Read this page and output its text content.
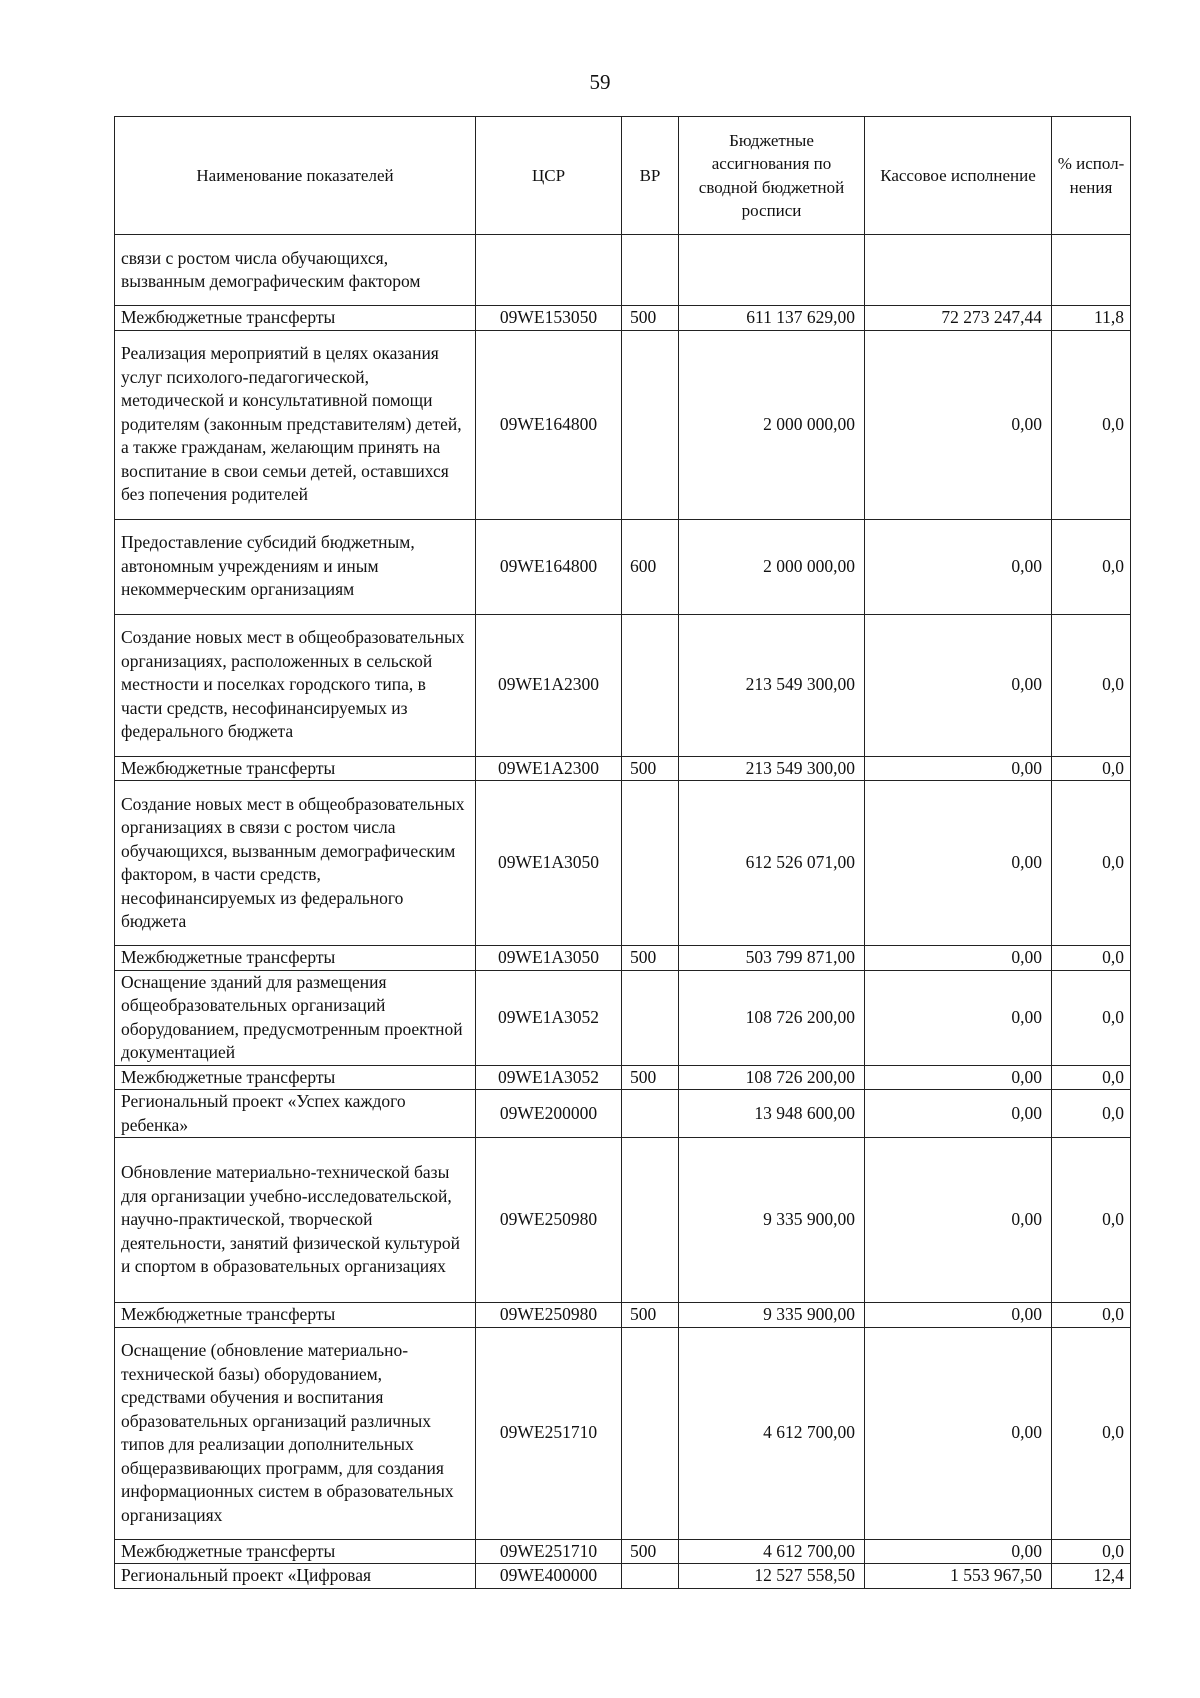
59
Наименование показателей	ЦСР	ВР	Бюджетные ассигнования по сводной бюджетной росписи	Кассовое исполнение	% испол-нения
связи с ростом числа обучающихся, вызванным демографическим фактором					
Межбюджетные трансферты	09WE153050	500	611 137 629,00	72 273 247,44	11,8
Реализация мероприятий в целях оказания услуг психолого-педагогической, методической и консультативной помощи родителям (законным представителям) детей, а также гражданам, желающим принять на воспитание в свои семьи детей, оставшихся без попечения родителей	09WE164800		2 000 000,00	0,00	0,0
Предоставление субсидий бюджетным, автономным учреждениям и иным некоммерческим организациям	09WE164800	600	2 000 000,00	0,00	0,0
Создание новых мест в общеобразовательных организациях, расположенных в сельской местности и поселках городского типа, в части средств, несофинансируемых из федерального бюджета	09WE1A2300		213 549 300,00	0,00	0,0
Межбюджетные трансферты	09WE1A2300	500	213 549 300,00	0,00	0,0
Создание новых мест в общеобразовательных организациях в связи с ростом числа обучающихся, вызванным демографическим фактором, в части средств, несофинансируемых из федерального бюджета	09WE1A3050		612 526 071,00	0,00	0,0
Межбюджетные трансферты	09WE1A3050	500	503 799 871,00	0,00	0,0
Оснащение зданий для размещения общеобразовательных организаций оборудованием, предусмотренным проектной документацией	09WE1A3052		108 726 200,00	0,00	0,0
Межбюджетные трансферты	09WE1A3052	500	108 726 200,00	0,00	0,0
Региональный проект «Успех каждого ребенка»	09WE200000		13 948 600,00	0,00	0,0
Обновление материально-технической базы для организации учебно-исследовательской, научно-практической, творческой деятельности, занятий физической культурой и спортом в образовательных организациях	09WE250980		9 335 900,00	0,00	0,0
Межбюджетные трансферты	09WE250980	500	9 335 900,00	0,00	0,0
Оснащение (обновление материально-технической базы) оборудованием, средствами обучения и воспитания образовательных организаций различных типов для реализации дополнительных общеразвивающих программ, для создания информационных систем в образовательных организациях	09WE251710		4 612 700,00	0,00	0,0
Межбюджетные трансферты	09WE251710	500	4 612 700,00	0,00	0,0
Региональный проект «Цифровая	09WE400000		12 527 558,50	1 553 967,50	12,4
